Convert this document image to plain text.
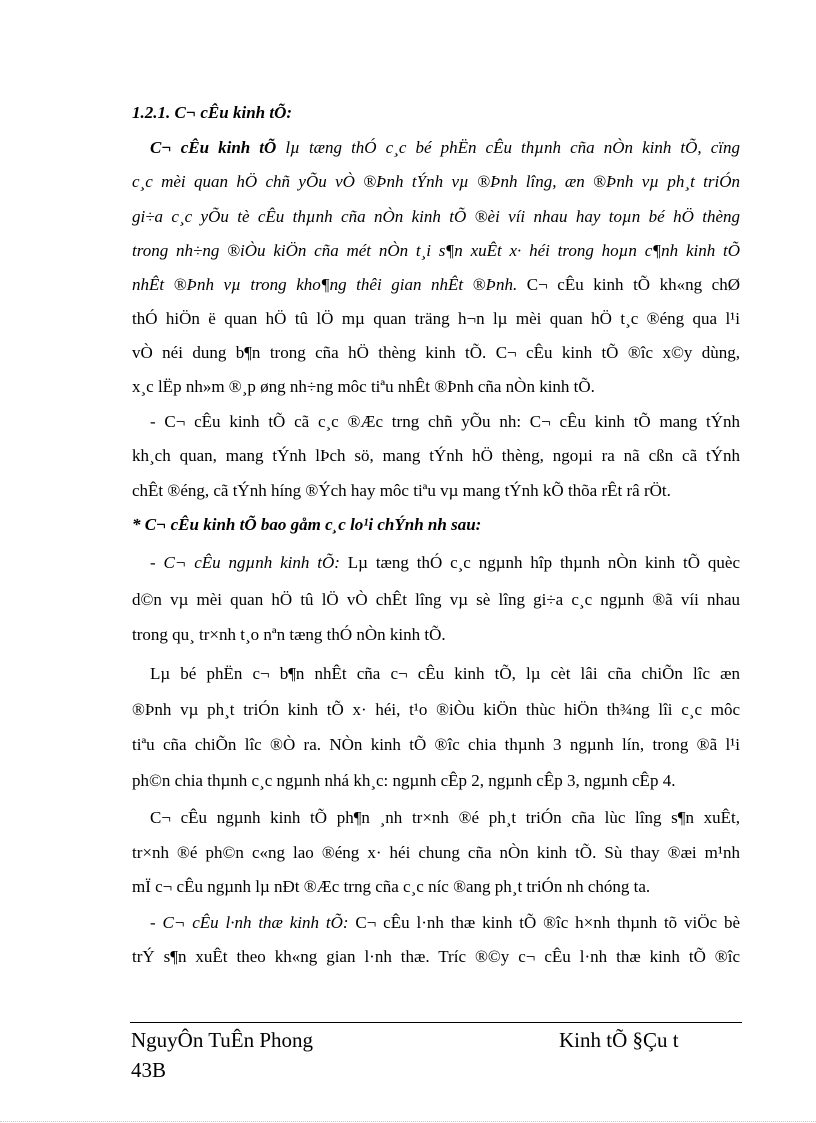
1.2.1. C¬ cÊu kinh tÕ:
C¬ cÊu kinh tÕ lµ tæng thÓ c¸c bé phËn cÊu thµnh cña nÒn kinh tÕ, cïng
c¸c mèi quan hÖ chñ yÕu vÒ ®Þnh tÝnh vµ ®Þnh lîng, æn ®Þnh vµ ph¸t triÓn
gi÷a c¸c yÕu tè cÊu thµnh cña nÒn kinh tÕ ®èi víi nhau hay toµn bé hÖ thèng
trong nh÷ng ®iÒu kiÖn cña mét nÒn t¸i s¶n xuÊt x· héi trong hoµn c¶nh kinh tÕ
nhÊt ®Þnh vµ trong kho¶ng thêi gian nhÊt ®Þnh. C¬ cÊu kinh tÕ kh«ng chØ
thÓ hiÖn ë quan hÖ tû lÖ mµ quan träng h¬n lµ mèi quan hÖ t¸c ®éng qua l¹i
vÒ néi dung b¶n trong cña hÖ thèng kinh tÕ. C¬ cÊu kinh tÕ ®îc x©y dùng,
x¸c lËp nh»m ®¸p øng nh÷ng môc tiªu nhÊt ®Þnh cña nÒn kinh tÕ.
- C¬ cÊu kinh tÕ cã c¸c ®Æc trng chñ yÕu nh: C¬ cÊu kinh tÕ mang tÝnh
kh¸ch quan, mang tÝnh lÞch sö, mang tÝnh hÖ thèng, ngoµi ra nã cßn cã tÝnh
chÊt ®éng, cã tÝnh híng ®Ých hay môc tiªu vµ mang tÝnh kÕ thõa rÊt râ rÖt.
* C¬ cÊu kinh tÕ bao gåm c¸c lo¹i chÝnh nh sau:
- C¬ cÊu ngµnh kinh tÕ: Lµ tæng thÓ c¸c ngµnh hîp thµnh nÒn kinh tÕ quèc
d©n vµ mèi quan hÖ tû lÖ vÒ chÊt lîng vµ sè lîng gi÷a c¸c ngµnh ®ã víi nhau
trong qu¸ tr×nh t¸o nªn tæng thÓ nÒn kinh tÕ.
Lµ bé phËn c¬ b¶n nhÊt cña c¬ cÊu kinh tÕ, lµ cèt lâi cña chiÕn lîc æn
®Þnh vµ ph¸t triÓn kinh tÕ x· héi, t¹o ®iÒu kiÖn thùc hiÖn th¾ng lîi c¸c môc
tiªu cña chiÕn lîc ®Ò ra. NÒn kinh tÕ ®îc chia thµnh 3 ngµnh lín, trong ®ã l¹i
ph©n chia thµnh c¸c ngµnh nhá kh¸c: ngµnh cÊp 2, ngµnh cÊp 3, ngµnh cÊp 4.
C¬ cÊu ngµnh kinh tÕ ph¶n ¸nh tr×nh ®é ph¸t triÓn cña lùc lîng s¶n xuÊt,
tr×nh ®é ph©n c«ng lao ®éng x· héi chung cña nÒn kinh tÕ. Sù thay ®æi m¹nh
mÏ c¬ cÊu ngµnh lµ nÐt ®Æc trng cña c¸c níc ®ang ph¸t triÓn nh chóng ta.
- C¬ cÊu l·nh thæ kinh tÕ: C¬ cÊu l·nh thæ kinh tÕ ®îc h×nh thµnh tõ viÖc bè
trÝ s¶n xuÊt theo kh«ng gian l·nh thæ. Tríc ®©y c¬ cÊu l·nh thæ kinh tÕ ®îc
NguyÔn TuÊn Phong	Kinh tÕ §Çu t
43B
